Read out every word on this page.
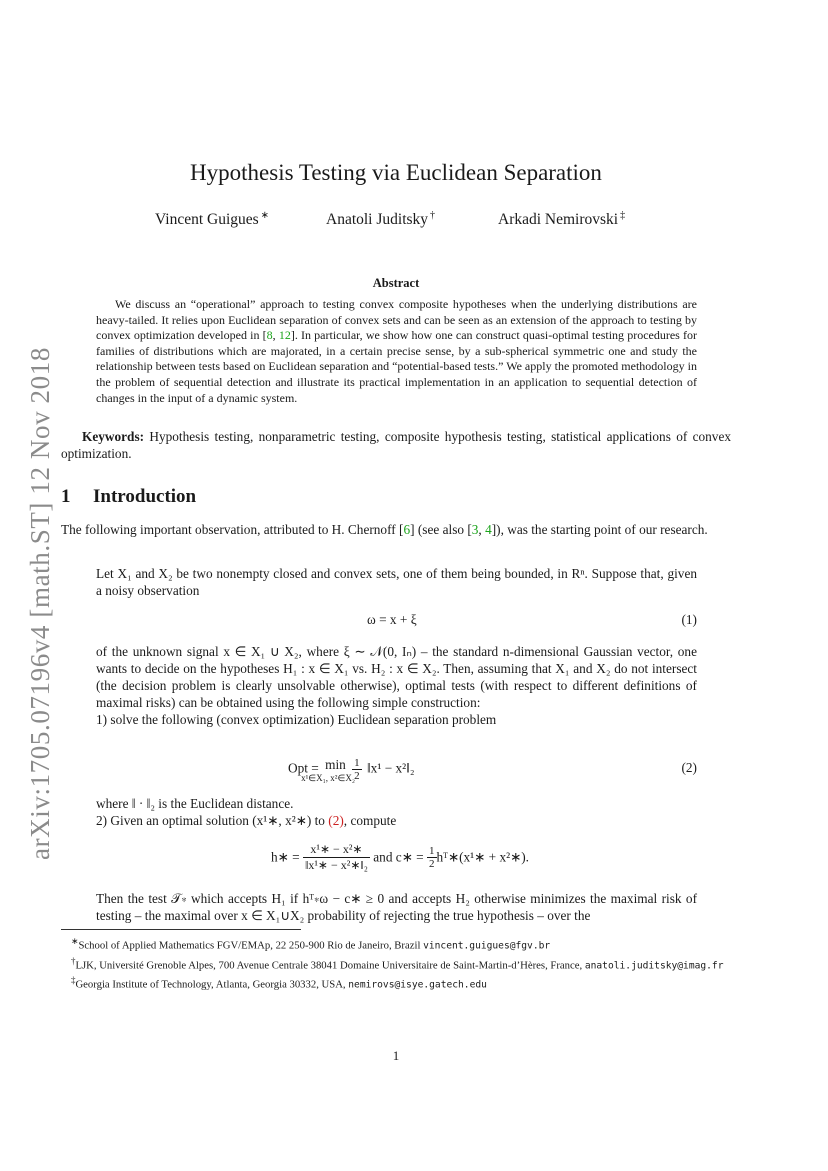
arXiv:1705.07196v4 [math.ST] 12 Nov 2018
Hypothesis Testing via Euclidean Separation
Vincent Guigues ∗	Anatoli Juditsky †	Arkadi Nemirovski ‡
Abstract

We discuss an “operational” approach to testing convex composite hypotheses when the underlying distributions are heavy-tailed. It relies upon Euclidean separation of convex sets and can be seen as an extension of the approach to testing by convex optimization developed in [8, 12]. In particular, we show how one can construct quasi-optimal testing procedures for families of distributions which are majorated, in a certain precise sense, by a sub-spherical symmetric one and study the relationship between tests based on Euclidean separation and “potential-based tests.” We apply the promoted methodology in the problem of sequential detection and illustrate its practical implementation in an application to sequential detection of changes in the input of a dynamic system.

Keywords: Hypothesis testing, nonparametric testing, composite hypothesis testing, statistical applications of convex optimization.

1 Introduction

The following important observation, attributed to H. Chernoff [6] (see also [3, 4]), was the starting point of our research.

Let X₁ and X₂ be two nonempty closed and convex sets, one of them being bounded, in Rⁿ. Suppose that, given a noisy observation

ω = x + ξ	(1)

of the unknown signal x ∈ X₁ ∪ X₂, where ξ ∼ 𝒩(0, Iₙ) – the standard n-dimensional Gaussian vector, one wants to decide on the hypotheses H₁ : x ∈ X₁ vs. H₂ : x ∈ X₂. Then, assuming that X₁ and X₂ do not intersect (the decision problem is clearly unsolvable otherwise), optimal tests (with respect to different definitions of maximal risks) can be obtained using the following simple construction:
1) solve the following (convex optimization) Euclidean separation problem

Opt = min
x¹∈X₁, x²∈X₂

$\frac{1}{2}$ ‖x¹ − x²‖₂	(2)

where ‖ · ‖₂ is the Euclidean distance.
2) Given an optimal solution (x¹∗, x²∗) to (2), compute

h∗ = $\frac{\text{x¹∗ − x²∗}}{\text{‖x¹∗ − x²∗‖₂}}$ and c∗ = $\frac{1}{2}$ hᵀ∗(x¹∗ + x²∗).

Then the test 𝒯∗ which accepts H₁ if hᵀ∗ω − c∗ ≥ 0 and accepts H₂ otherwise minimizes the maximal risk of testing – the maximal over x ∈ X₁∪X₂ probability of rejecting the true hypothesis – over the

∗School of Applied Mathematics FGV/EMAp, 22 250-900 Rio de Janeiro, Brazil vincent.guigues@fgv.br

†LJK, Université Grenoble Alpes, 700 Avenue Centrale 38041 Domaine Universitaire de Saint-Martin-d’Hères, France, anatoli.juditsky@imag.fr

‡Georgia Institute of Technology, Atlanta, Georgia 30332, USA, nemirovs@isye.gatech.edu

1
